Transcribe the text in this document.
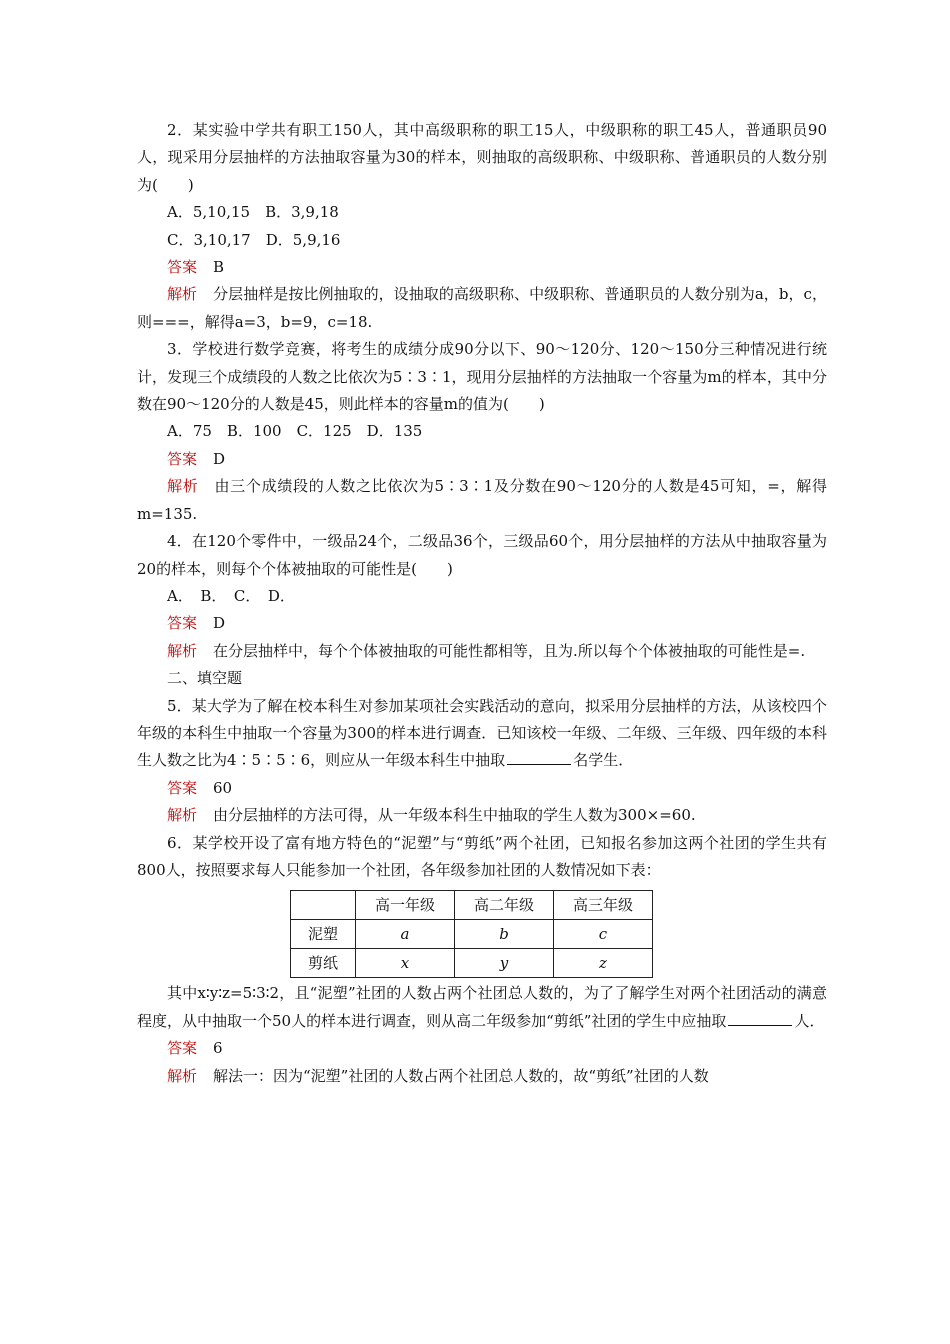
2．某实验中学共有职工150人，其中高级职称的职工15人，中级职称的职工45人，普通职员90人，现采用分层抽样的方法抽取容量为30的样本，则抽取的高级职称、中级职称、普通职员的人数分别为(　　)

A．5,10,15　B．3,9,18

C．3,10,17　D．5,9,16

答案 B

解析 分层抽样是按比例抽取的，设抽取的高级职称、中级职称、普通职员的人数分别为a，b，c，则===，解得a=3，b=9，c=18.

3．学校进行数学竞赛，将考生的成绩分成90分以下、90～120分、120～150分三种情况进行统计，发现三个成绩段的人数之比依次为5∶3∶1，现用分层抽样的方法抽取一个容量为m的样本，其中分数在90～120分的人数是45，则此样本的容量m的值为(　　)

A．75　B．100　C．125　D．135

答案 D

解析 由三个成绩段的人数之比依次为5∶3∶1及分数在90～120分的人数是45可知，=，解得m=135.

4．在120个零件中，一级品24个，二级品36个，三级品60个，用分层抽样的方法从中抽取容量为20的样本，则每个个体被抽取的可能性是(　　)

A．　B．　C．　D．

答案 D

解析 在分层抽样中，每个个体被抽取的可能性都相等，且为.所以每个个体被抽取的可能性是=.

二、填空题

5．某大学为了解在校本科生对参加某项社会实践活动的意向，拟采用分层抽样的方法，从该校四个年级的本科生中抽取一个容量为300的样本进行调查．已知该校一年级、二年级、三年级、四年级的本科生人数之比为4∶5∶5∶6，则应从一年级本科生中抽取	名学生．

答案 60

解析 由分层抽样的方法可得，从一年级本科生中抽取的学生人数为300×=60.

6．某学校开设了富有地方特色的“泥塑”与“剪纸”两个社团，已知报名参加这两个社团的学生共有800人，按照要求每人只能参加一个社团，各年级参加社团的人数情况如下表：

	高一年级	高二年级	高三年级
泥塑	a	b	c
剪纸	x	y	z

其中x∶y∶z=5∶3∶2，且“泥塑”社团的人数占两个社团总人数的，为了了解学生对两个社团活动的满意程度，从中抽取一个50人的样本进行调查，则从高二年级参加“剪纸”社团的学生中应抽取	人．

答案 6

解析 解法一：因为“泥塑”社团的人数占两个社团总人数的，故“剪纸”社团的人数
